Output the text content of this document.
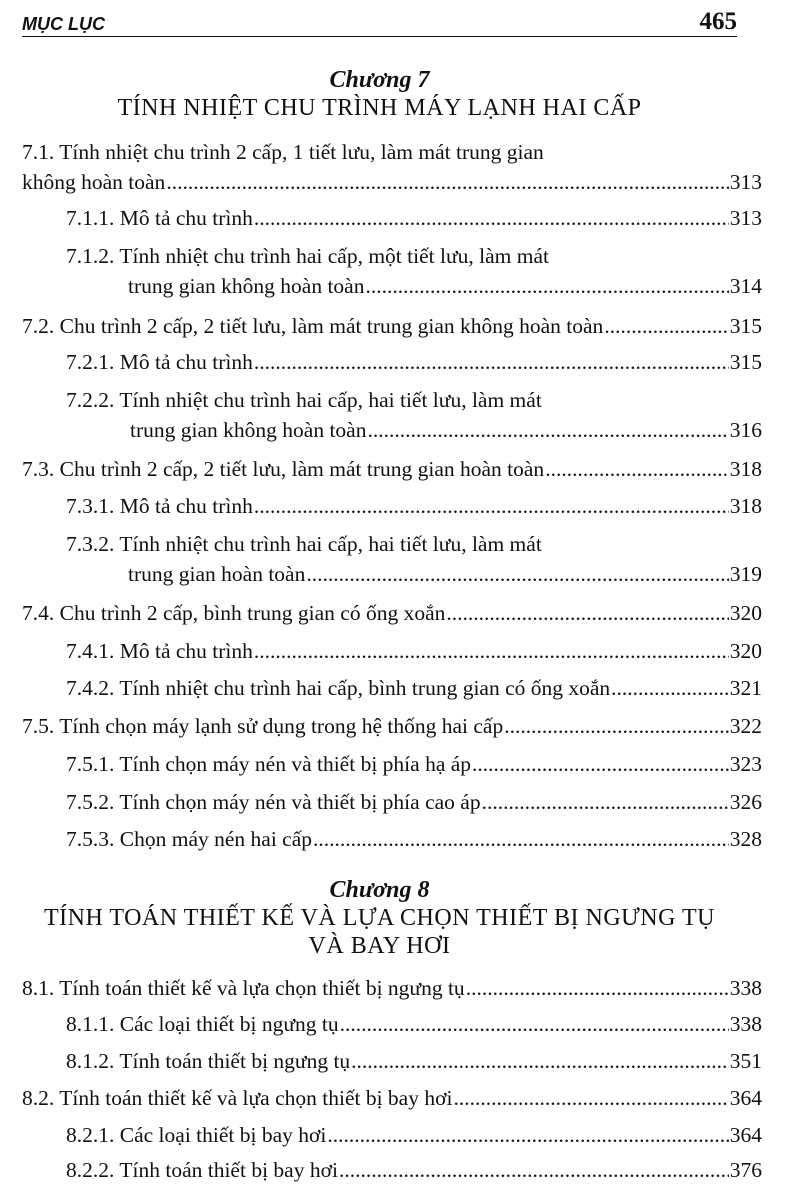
MỤC LỤC	465
Chương 7
TÍNH NHIỆT CHU TRÌNH MÁY LẠNH HAI CẤP
7.1. Tính nhiệt chu trình 2 cấp, 1 tiết lưu, làm mát trung gian
không hoàn toàn .....	313
7.1.1. Mô tả chu trình .....	313
7.1.2. Tính nhiệt chu trình hai cấp, một tiết lưu, làm mát
trung gian không hoàn toàn .....	314
7.2. Chu trình 2 cấp, 2 tiết lưu, làm mát trung gian không hoàn toàn .....	315
7.2.1. Mô tả chu trình .....	315
7.2.2. Tính nhiệt chu trình hai cấp, hai tiết lưu, làm mát
trung gian không hoàn toàn .....	316
7.3. Chu trình 2 cấp, 2 tiết lưu, làm mát trung gian hoàn toàn .....	318
7.3.1. Mô tả chu trình .....	318
7.3.2. Tính nhiệt chu trình hai cấp, hai tiết lưu, làm mát
trung gian hoàn toàn .....	319
7.4. Chu trình 2 cấp, bình trung gian có ống xoắn .....	320
7.4.1. Mô tả chu trình .....	320
7.4.2. Tính nhiệt chu trình hai cấp, bình trung gian có ống xoắn .....	321
7.5. Tính chọn máy lạnh sử dụng trong hệ thống hai cấp .....	322
7.5.1. Tính chọn máy nén và thiết bị phía hạ áp .....	323
7.5.2. Tính chọn máy nén và thiết bị phía cao áp .....	326
7.5.3. Chọn máy nén hai cấp .....	328
Chương 8
TÍNH TOÁN THIẾT KẾ VÀ LỰA CHỌN THIẾT BỊ NGƯNG TỤ
VÀ BAY HƠI
8.1. Tính toán thiết kế và lựa chọn thiết bị ngưng tụ .....	338
8.1.1. Các loại thiết bị ngưng tụ .....	338
8.1.2. Tính toán thiết bị ngưng tụ .....	351
8.2. Tính toán thiết kế và lựa chọn thiết bị bay hơi .....	364
8.2.1. Các loại thiết bị bay hơi .....	364
8.2.2. Tính toán thiết bị bay hơi .....	376
